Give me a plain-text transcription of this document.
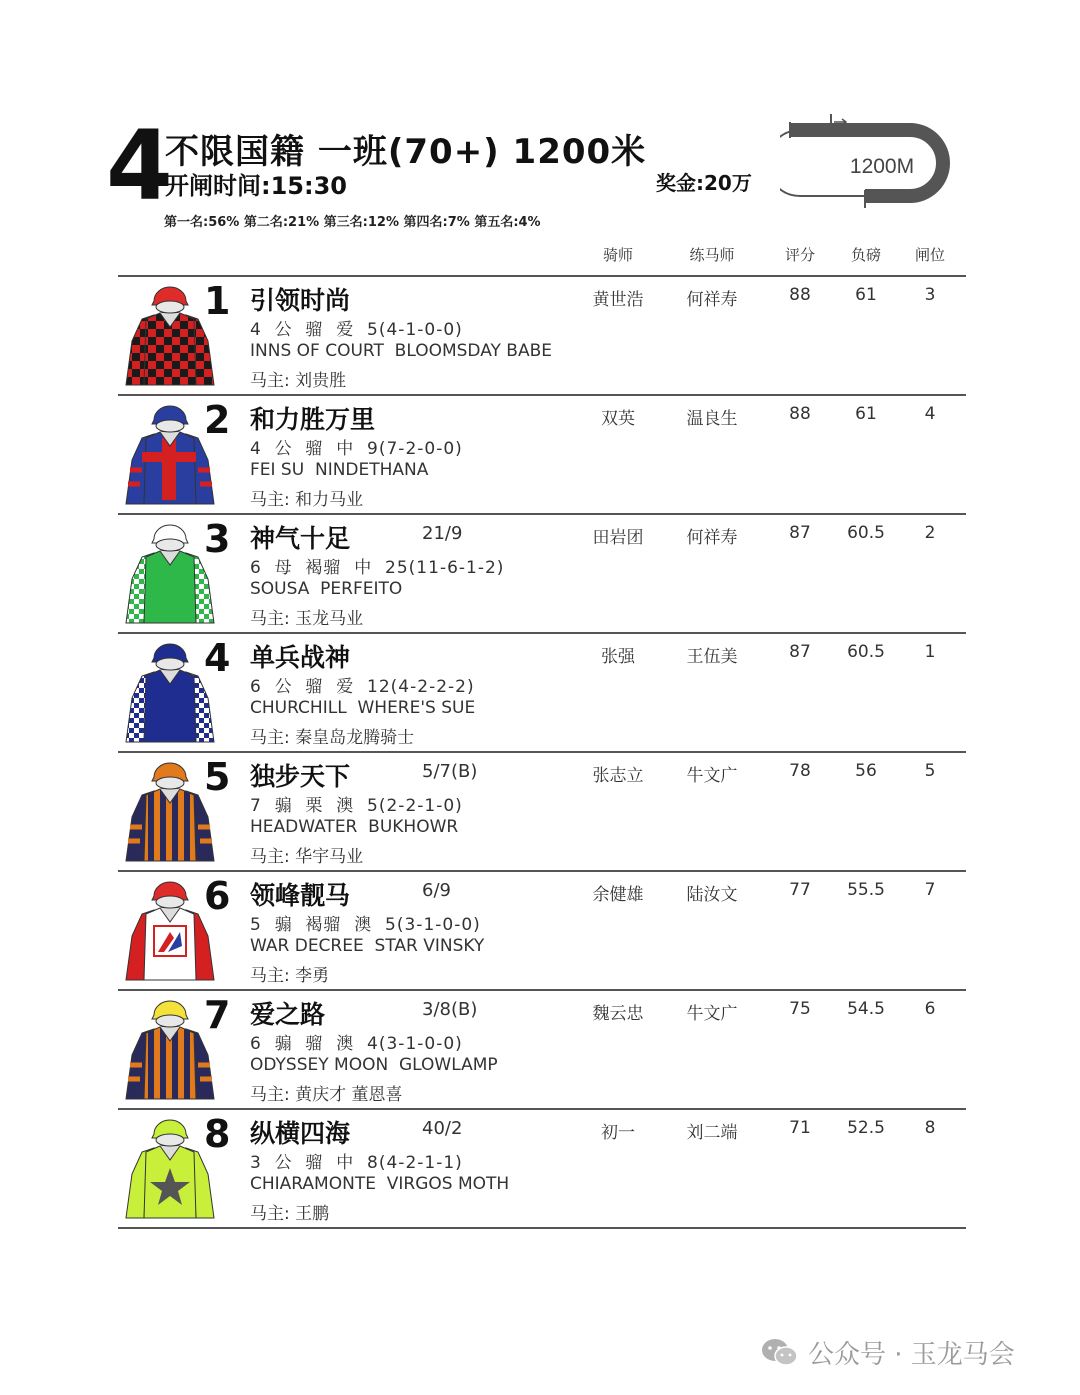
4
不限国籍 一班(70+) 1200米
开闸时间:15:30	奖金:20万
第一名:56% 第二名:21% 第三名:12% 第四名:7% 第五名:4%
1200M
骑师	练马师	评分	负磅	闸位
1 引领时尚
4  公  骝  爱  5(4-1-0-0)
INNS OF COURT  BLOOMSDAY BABE
马主: 刘贵胜
黄世浩	何祥寿	88	61	3
2 和力胜万里
4  公  骝  中  9(7-2-0-0)
FEI SU  NINDETHANA
马主: 和力马业
双英	温良生	88	61	4
3 神气十足	21/9
6  母  褐骝  中  25(11-6-1-2)
SOUSA  PERFEITO
马主: 玉龙马业
田岩团	何祥寿	87	60.5	2
4 单兵战神
6  公  骝  爱  12(4-2-2-2)
CHURCHILL  WHERE'S SUE
马主: 秦皇岛龙腾骑士
张强	王伍美	87	60.5	1
5 独步天下	5/7(B)
7  骟  栗  澳  5(2-2-1-0)
HEADWATER  BUKHOWR
马主: 华宇马业
张志立	牛文广	78	56	5
6 领峰靓马	6/9
5  骟  褐骝  澳  5(3-1-0-0)
WAR DECREE  STAR VINSKY
马主: 李勇
余健雄	陆汝文	77	55.5	7
7 爱之路	3/8(B)
6  骟  骝  澳  4(3-1-0-0)
ODYSSEY MOON  GLOWLAMP
马主: 黄庆才 董恩喜
魏云忠	牛文广	75	54.5	6
8 纵横四海	40/2
3  公  骝  中  8(4-2-1-1)
CHIARAMONTE  VIRGOS MOTH
马主: 王鹏
初一	刘二端	71	52.5	8
公众号 · 玉龙马会
